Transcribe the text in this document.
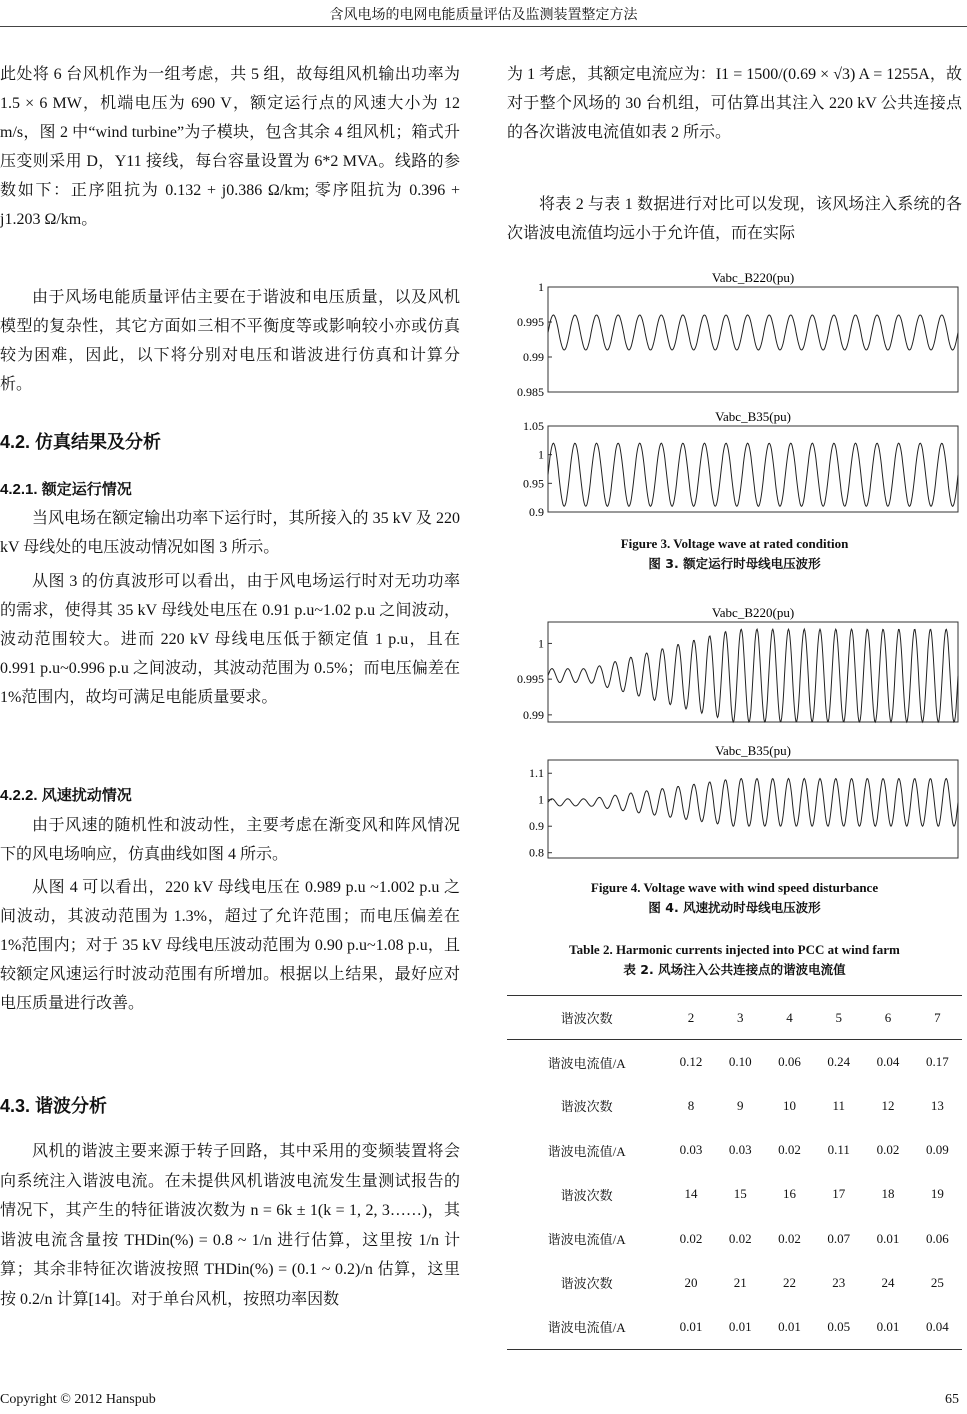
含风电场的电网电能质量评估及监测装置整定方法
此处将 6 台风机作为一组考虑，共 5 组，故每组风机输出功率为 1.5 × 6 MW，机端电压为 690 V，额定运行点的风速大小为 12 m/s，图 2 中“wind turbine”为子模块，包含其余 4 组风机；箱式升压变则采用 D，Y11 接线，每台容量设置为 6*2 MVA。线路的参数如下：正序阻抗为 0.132 + j0.386 Ω/km; 零序阻抗为 0.396 + j1.203 Ω/km。
由于风场电能质量评估主要在于谐波和电压质量，以及风机模型的复杂性，其它方面如三相不平衡度等或影响较小亦或仿真较为困难，因此，以下将分别对电压和谐波进行仿真和计算分析。
4.2. 仿真结果及分析
4.2.1. 额定运行情况
当风电场在额定输出功率下运行时，其所接入的 35 kV 及 220 kV 母线处的电压波动情况如图 3 所示。
从图 3 的仿真波形可以看出，由于风电场运行时对无功功率的需求，使得其 35 kV 母线处电压在 0.91 p.u~1.02 p.u 之间波动，波动范围较大。进而 220 kV 母线电压低于额定值 1 p.u，且在 0.991 p.u~0.996 p.u 之间波动，其波动范围为 0.5%；而电压偏差在 1%范围内，故均可满足电能质量要求。
4.2.2. 风速扰动情况
由于风速的随机性和波动性，主要考虑在渐变风和阵风情况下的风电场响应，仿真曲线如图 4 所示。
从图 4 可以看出，220 kV 母线电压在 0.989 p.u ~1.002 p.u 之间波动，其波动范围为 1.3%，超过了允许范围；而电压偏差在 1%范围内；对于 35 kV 母线电压波动范围为 0.90 p.u~1.08 p.u，且较额定风速运行时波动范围有所增加。根据以上结果，最好应对电压质量进行改善。
4.3. 谐波分析
风机的谐波主要来源于转子回路，其中采用的变频装置将会向系统注入谐波电流。在未提供风机谐波电流发生量测试报告的情况下，其产生的特征谐波次数为 n = 6k ± 1(k = 1, 2, 3……)，其谐波电流含量按 THDin(%) = 0.8 ~ 1/n 进行估算，这里按 1/n 计算；其余非特征次谐波按照 THDin(%) = (0.1 ~ 0.2)/n 估算，这里按 0.2/n 计算[14]。对于单台风机，按照功率因数
为 1 考虑，其额定电流应为：I1 = 1500/(0.69 × √3) A = 1255A，故对于整个风场的 30 台机组，可估算出其注入 220 kV 公共连接点的各次谐波电流值如表 2 所示。
将表 2 与表 1 数据进行对比可以发现，该风场注入系统的各次谐波电流值均远小于允许值，而在实际
Vabc_B220(pu)
1
0.995
0.99
0.985
Vabc_B35(pu)
1.05
1
0.95
0.9
Vabc_B220(pu)
1
0.995
0.99
Vabc_B35(pu)
1.1
1
0.9
0.8
Figure 3. Voltage wave at rated condition
图 3. 额定运行时母线电压波形
Figure 4. Voltage wave with wind speed disturbance
图 4. 风速扰动时母线电压波形
Table 2. Harmonic currents injected into PCC at wind farm
表 2. 风场注入公共连接点的谐波电流值
谐波次数	2	3	4	5	6	7
谐波电流值/A	0.12	0.10	0.06	0.24	0.04	0.17
谐波次数	8	9	10	11	12	13
谐波电流值/A	0.03	0.03	0.02	0.11	0.02	0.09
谐波次数	14	15	16	17	18	19
谐波电流值/A	0.02	0.02	0.02	0.07	0.01	0.06
谐波次数	20	21	22	23	24	25
谐波电流值/A	0.01	0.01	0.01	0.05	0.01	0.04
Copyright © 2012 Hanspub	65
